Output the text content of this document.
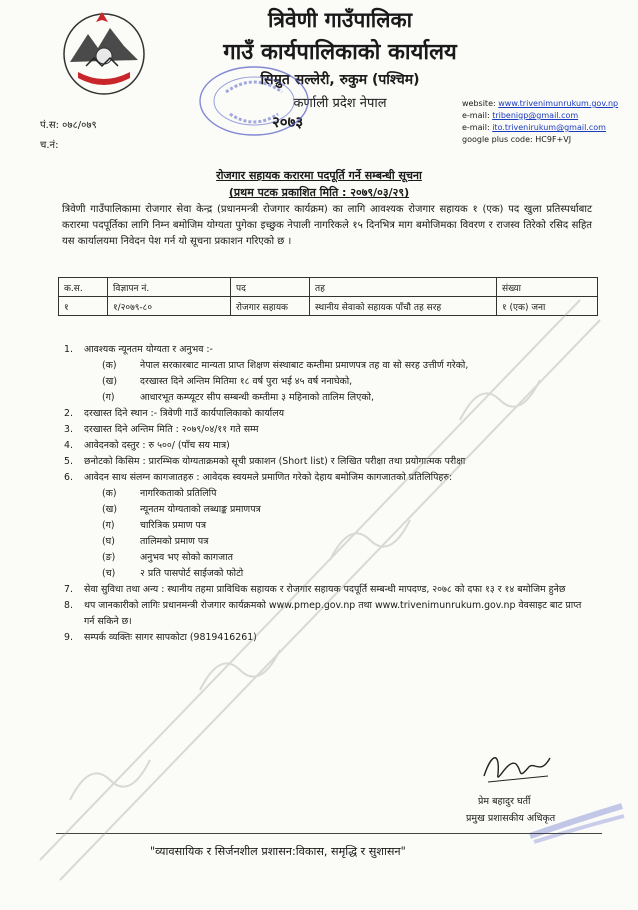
त्रिवेणी गाउँपालिका
गाउँ कार्यपालिकाको कार्यालय
सिम्रुत सल्लेरी, रुकुम (पश्चिम)
कर्णाली प्रदेश नेपाल
२०७३
website: www.trivenimunrukum.gov.np
e-mail: tribenigp@gmail.com
e-mail: ito.trivenirukum@gmail.com
google plus code: HC9F+VJ
पं.स: ०७८/०७९
च.नं:
रोजगार सहायक करारमा पदपूर्ति गर्ने सम्बन्धी सूचना
(प्रथम पटक प्रकाशित मिति : २०७९/०३/२९)
त्रिवेणी गाउँपालिकामा रोजगार सेवा केन्द्र (प्रधानमन्त्री रोजगार कार्यक्रम) का लागि आवश्यक रोजगार सहायक १ (एक) पद खुला प्रतिस्पर्धाबाट करारमा पदपूर्तिका लागि निम्न बमोजिम योग्यता पुगेका इच्छुक नेपाली नागरिकले १५ दिनभित्र माग बमोजिमका विवरण र राजस्व तिरेको रसिद सहित यस कार्यालयमा निवेदन पेश गर्न यो सूचना प्रकाशन गरिएको छ ।
क.स.	विज्ञापन नं.	पद	तह	संख्या
१	१/२०७९-८०	रोजगार सहायक	स्थानीय सेवाको सहायक पाँचौ तह सरह	१ (एक) जना
1. आवश्यक न्यूनतम योग्यता र अनुभव :-
(क) नेपाल सरकारबाट मान्यता प्राप्त शिक्षण संस्थाबाट कम्तीमा प्रमाणपत्र तह वा सो सरह उत्तीर्ण गरेको,
(ख) दरखास्त दिने अन्तिम मितिमा १८ वर्ष पुरा भई ४५ वर्ष ननाघेको,
(ग)	आधारभूत कम्प्यूटर सीप सम्बन्धी कम्तीमा ३ महिनाको तालिम लिएको,
2. दरखास्त दिने स्थान :- त्रिवेणी गाउँ कार्यपालिकाको कार्यालय
3. दरखास्त दिने अन्तिम मिति : २०७९/०४/११ गते सम्म
4. आवेदनको दस्तुर : रु ५००/ (पाँच सय मात्र)
5. छनोटको किसिम : प्रारम्भिक योग्यताक्रमको सूची प्रकाशन (Short list) र लिखित परीक्षा तथा प्रयोगात्मक परीक्षा
6. आवेदन साथ संलग्न कागजातहरु : आवेदक स्वयमले प्रमाणित गरेको देहाय बमोजिम कागजातको प्रतिलिपिहरु:
(क) नागरिकताको प्रतिलिपि
(ख) न्यूनतम योग्यताको लब्धाङ्क प्रमाणपत्र
(ग)	चारित्रिक प्रमाण पत्र
(घ)	तालिमको प्रमाण पत्र
(ङ)	अनुभव भए सोको कागजात
(च)	२ प्रति पासपोर्ट साईजको फोटो
7. सेवा सुविधा तथा अन्य : स्थानीय तहमा प्राविधिक सहायक र रोजगार सहायक पदपूर्ति सम्बन्धी मापदण्ड, २०७८ को दफा १३ र १४ बमोजिम हुनेछ
8. थप जानकारीको लागिः प्रधानमन्त्री रोजगार कार्यक्रमको www.pmep.gov.np तथा www.trivenimunrukum.gov.np वेवसाइट बाट प्राप्त गर्न सकिने छ।
9. सम्पर्क व्यक्तिः सागर सापकोटा (9819416261)
प्रेम बहादुर घर्ती
प्रमुख प्रशासकीय अधिकृत
"व्यावसायिक र सिर्जनशील प्रशासन:विकास, समृद्धि र सुशासन"
